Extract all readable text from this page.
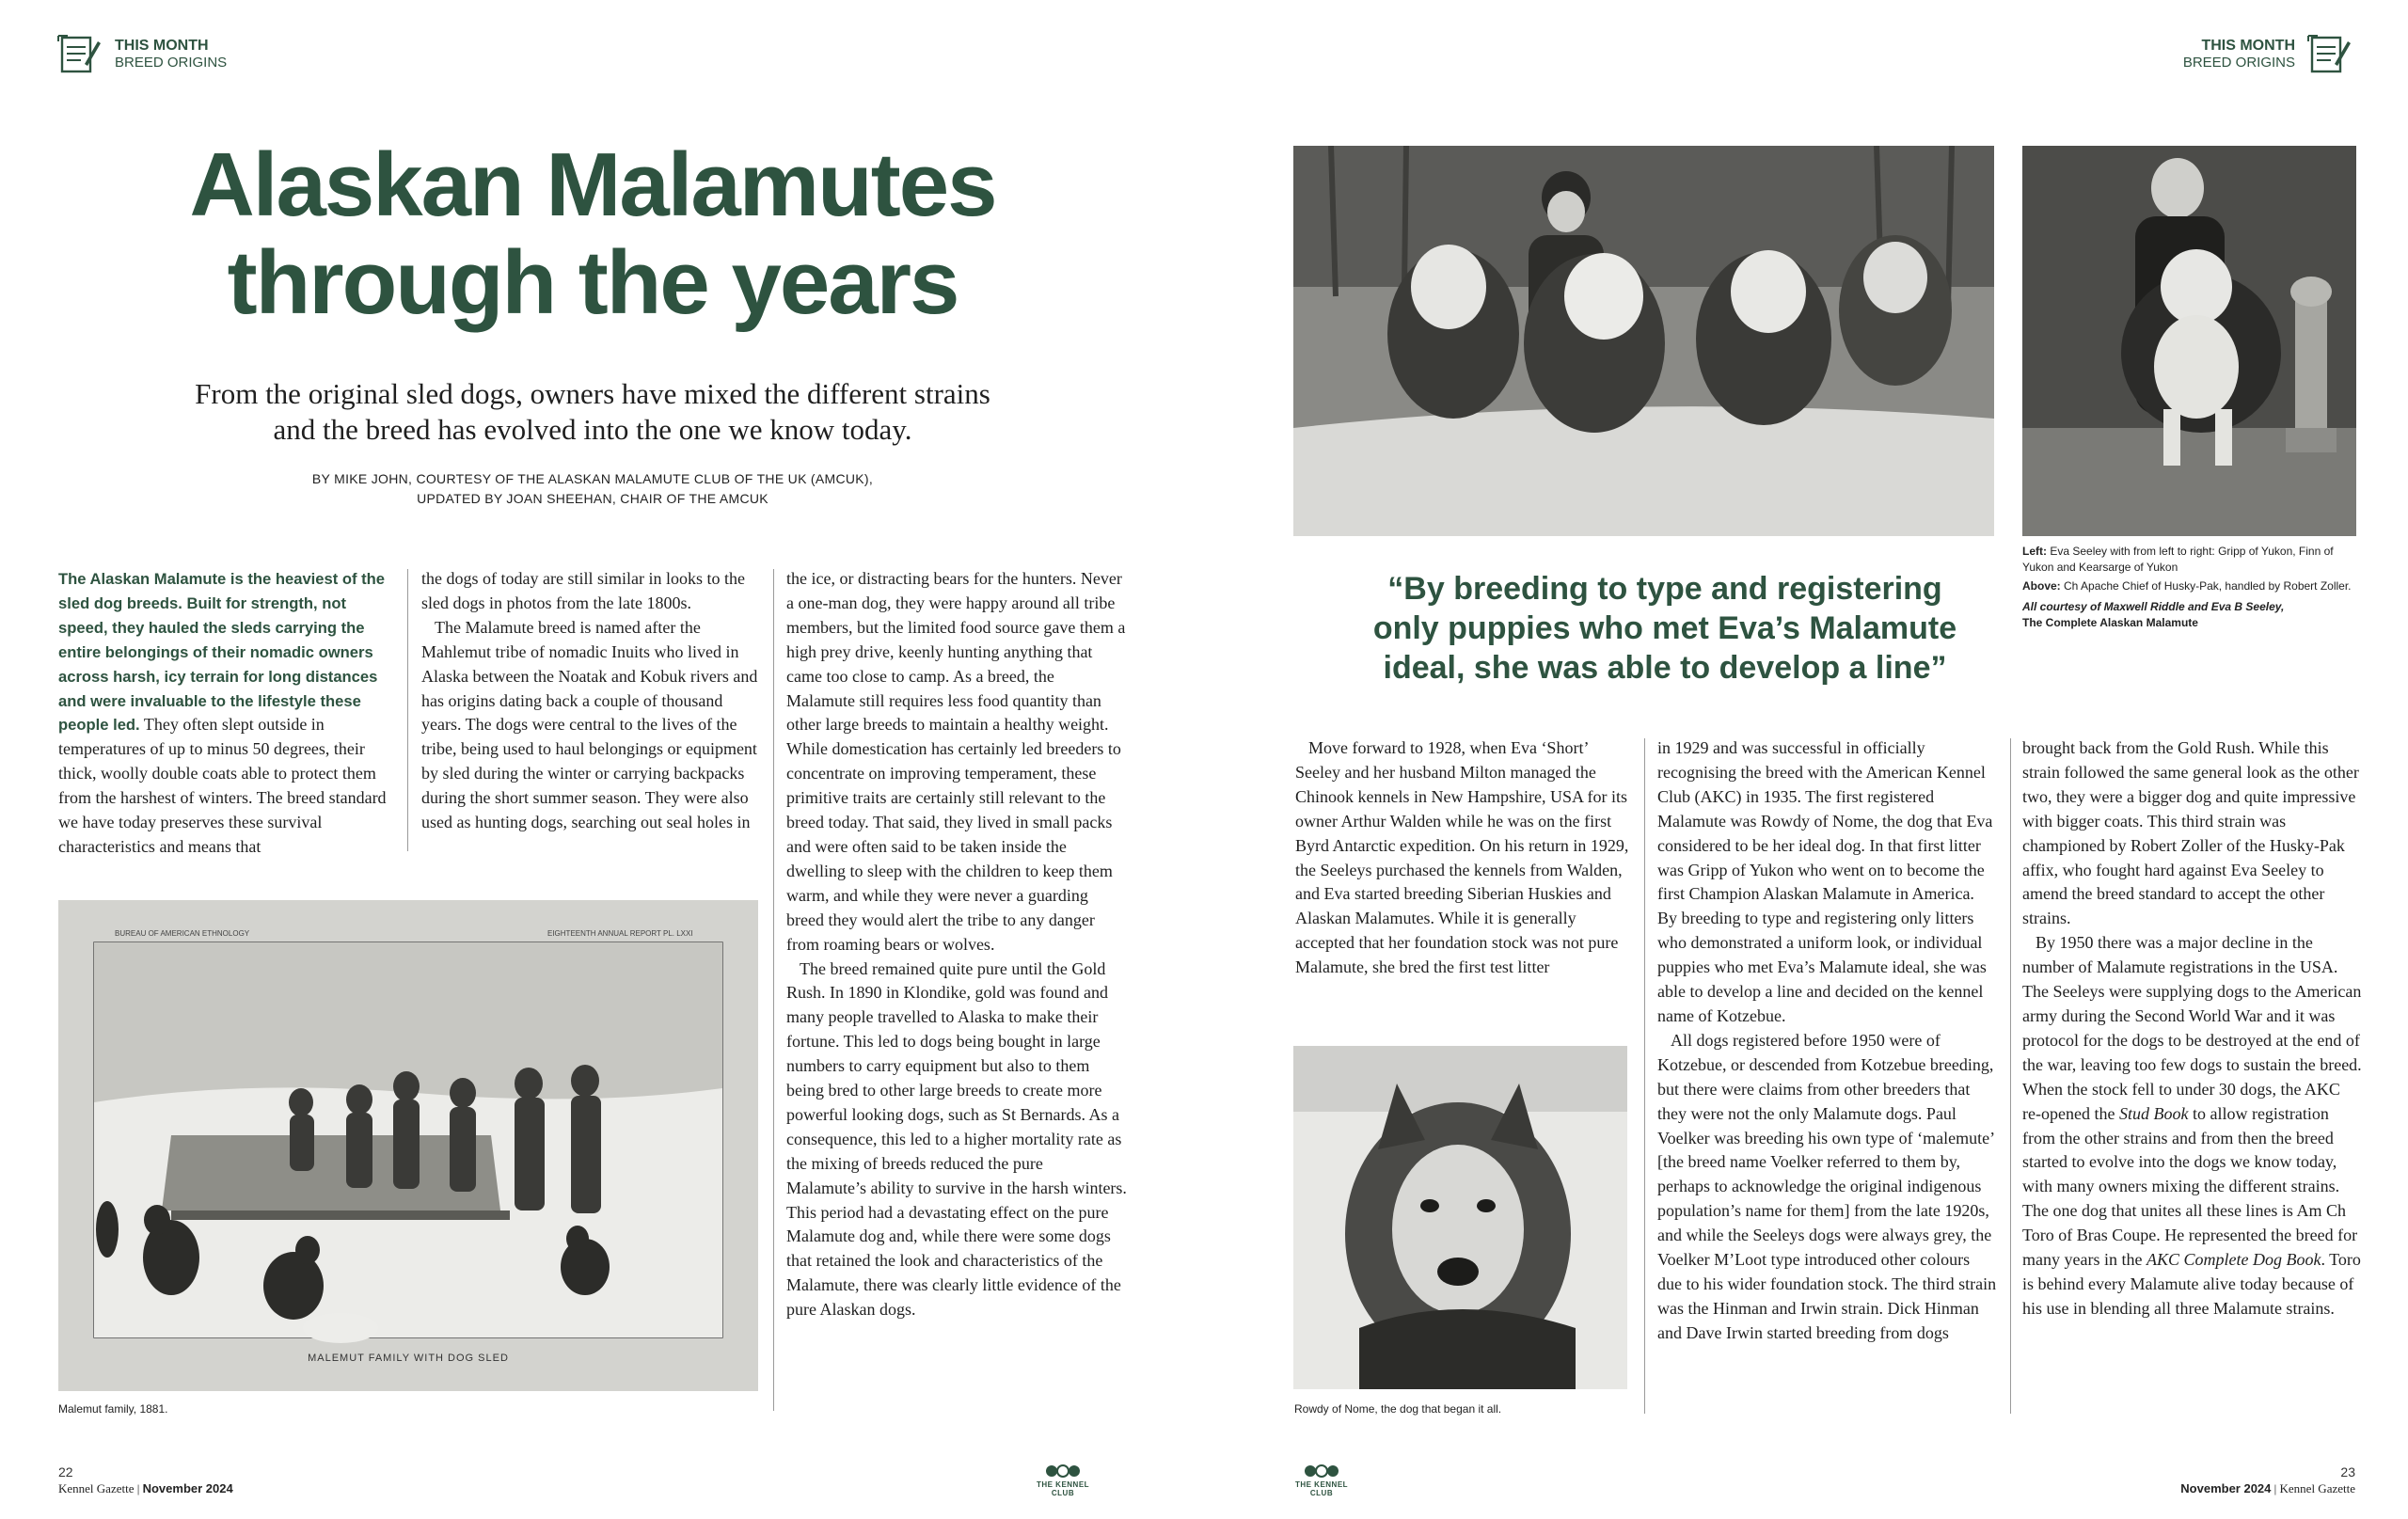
THIS MONTH
BREED ORIGINS
THIS MONTH
BREED ORIGINS
Alaskan Malamutes
through the years
From the original sled dogs, owners have mixed the different strains
and the breed has evolved into the one we know today.
BY MIKE JOHN, COURTESY OF THE ALASKAN MALAMUTE CLUB OF THE UK (AMCUK),
UPDATED BY JOAN SHEEHAN, CHAIR OF THE AMCUK

The Alaskan Malamute is the heaviest of the sled dog breeds. Built for strength, not speed, they hauled the sleds carrying the entire belongings of their nomadic owners across harsh, icy terrain for long distances and were invaluable to the lifestyle these people led. They often slept outside in temperatures of up to minus 50 degrees, their thick, woolly double coats able to protect them from the harshest of winters. The breed standard we have today preserves these survival characteristics and means that

the dogs of today are still similar in looks to the sled dogs in photos from the late 1800s.

The Malamute breed is named after the Mahlemut tribe of nomadic Inuits who lived in Alaska between the Noatak and Kobuk rivers and has origins dating back a couple of thousand years. The dogs were central to the lives of the tribe, being used to haul belongings or equipment by sled during the winter or carrying backpacks during the short summer season. They were also used as hunting dogs, searching out seal holes in

the ice, or distracting bears for the hunters. Never a one-man dog, they were happy around all tribe members, but the limited food source gave them a high prey drive, keenly hunting anything that came too close to camp. As a breed, the Malamute still requires less food quantity than other large breeds to maintain a healthy weight. While domestication has certainly led breeders to concentrate on improving temperament, these primitive traits are certainly still relevant to the breed today. That said, they lived in small packs and were often said to be taken inside the dwelling to sleep with the children to keep them warm, and while they were never a guarding breed they would alert the tribe to any danger from roaming bears or wolves.

The breed remained quite pure until the Gold Rush. In 1890 in Klondike, gold was found and many people travelled to Alaska to make their fortune. This led to dogs being bought in large numbers to carry equipment but also to them being bred to other large breeds to create more powerful looking dogs, such as St Bernards. As a consequence, this led to a higher mortality rate as the mixing of breeds reduced the pure Malamute’s ability to survive in the harsh winters. This period had a devastating effect on the pure Malamute dog and, while there were some dogs that retained the look and characteristics of the Malamute, there was clearly little evidence of the pure Alaskan dogs.

BUREAU OF AMERICAN ETHNOLOGY	EIGHTEENTH ANNUAL REPORT PL. LXXI
MALEMUT FAMILY WITH DOG SLED
Malemut family, 1881.
Left: Eva Seeley with from left to right: Gripp of Yukon, Finn of Yukon and Kearsarge of Yukon
Above: Ch Apache Chief of Husky-Pak, handled by Robert Zoller.
All courtesy of Maxwell Riddle and Eva B Seeley,
The Complete Alaskan Malamute
“By breeding to type and registering
only puppies who met Eva’s Malamute
ideal, she was able to develop a line”

Move forward to 1928, when Eva ‘Short’ Seeley and her husband Milton managed the Chinook kennels in New Hampshire, USA for its owner Arthur Walden while he was on the first Byrd Antarctic expedition. On his return in 1929, the Seeleys purchased the kennels from Walden, and Eva started breeding Siberian Huskies and Alaskan Malamutes. While it is generally accepted that her foundation stock was not pure Malamute, she bred the first test litter

in 1929 and was successful in officially recognising the breed with the American Kennel Club (AKC) in 1935. The first registered Malamute was Rowdy of Nome, the dog that Eva considered to be her ideal dog. In that first litter was Gripp of Yukon who went on to become the first Champion Alaskan Malamute in America. By breeding to type and registering only litters who demonstrated a uniform look, or individual puppies who met Eva’s Malamute ideal, she was able to develop a line and decided on the kennel name of Kotzebue.

All dogs registered before 1950 were of Kotzebue, or descended from Kotzebue breeding, but there were claims from other breeders that they were not the only Malamute dogs. Paul Voelker was breeding his own type of ‘malemute’ [the breed name Voelker referred to them by, perhaps to acknowledge the original indigenous population’s name for them] from the late 1920s, and while the Seeleys dogs were always grey, the Voelker M’Loot type introduced other colours due to his wider foundation stock. The third strain was the Hinman and Irwin strain. Dick Hinman and Dave Irwin started breeding from dogs

brought back from the Gold Rush. While this strain followed the same general look as the other two, they were a bigger dog and quite impressive with bigger coats. This third strain was championed by Robert Zoller of the Husky-Pak affix, who fought hard against Eva Seeley to amend the breed standard to accept the other strains.

By 1950 there was a major decline in the number of Malamute registrations in the USA. The Seeleys were supplying dogs to the American army during the Second World War and it was protocol for the dogs to be destroyed at the end of the war, leaving too few dogs to sustain the breed. When the stock fell to under 30 dogs, the AKC re-opened the Stud Book to allow registration from the other strains and from then the breed started to evolve into the dogs we know today, with many owners mixing the different strains. The one dog that unites all these lines is Am Ch Toro of Bras Coupe. He represented the breed for many years in the AKC Complete Dog Book. Toro is behind every Malamute alive today because of his use in blending all three Malamute strains.

Rowdy of Nome, the dog that began it all.
22
Kennel Gazette | November 2024	THE KENNEL CLUB
THE KENNEL CLUB
23
November 2024 | Kennel Gazette
